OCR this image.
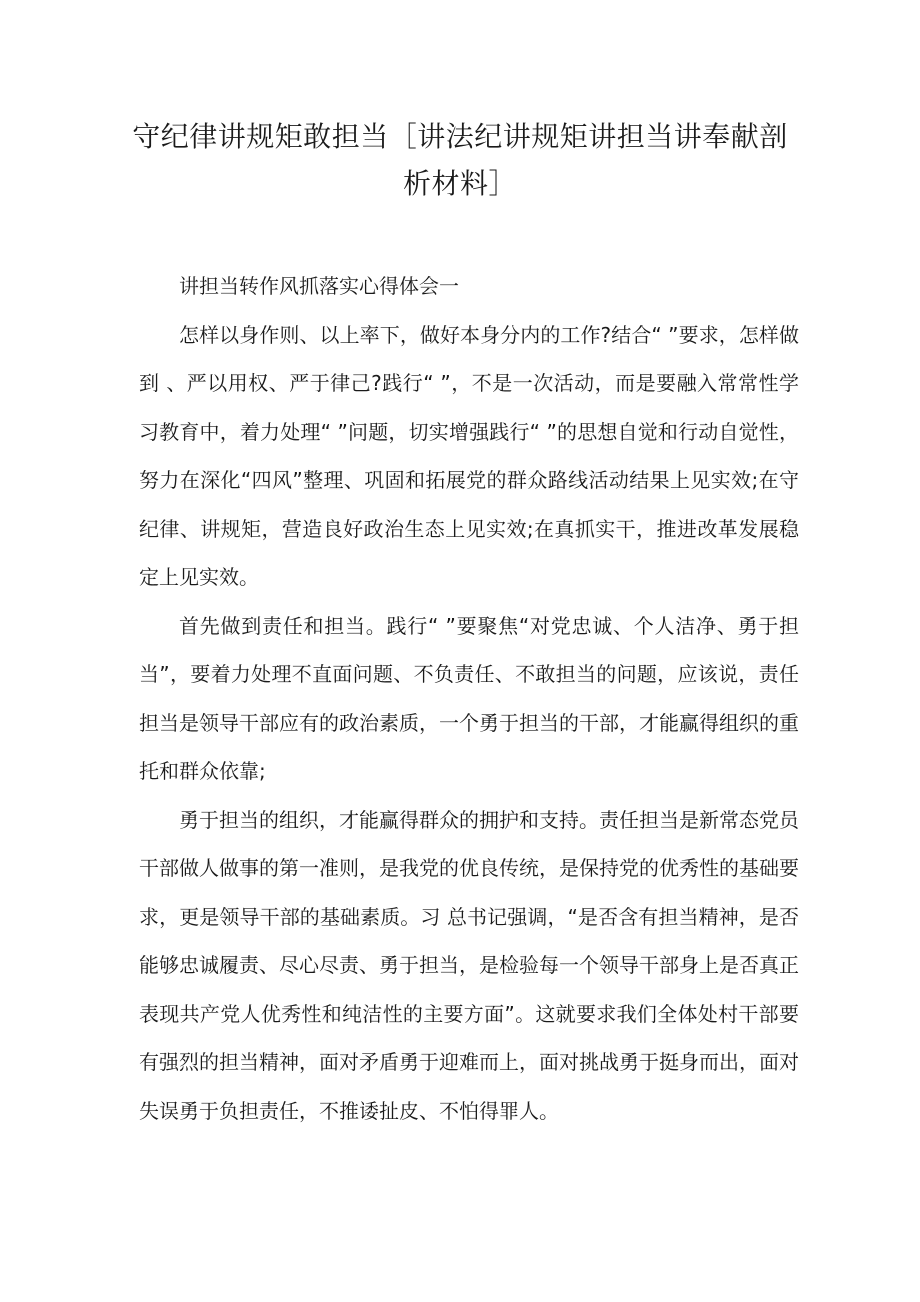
守纪律讲规矩敢担当［讲法纪讲规矩讲担当讲奉献剖析材料］

讲担当转作风抓落实心得体会一

怎样以身作则、以上率下，做好本身分内的工作?结合“ ”要求，怎样做到 、严以用权、严于律己?践行“ ”，不是一次活动，而是要融入常常性学习教育中，着力处理“ ”问题，切实增强践行“ ”的思想自觉和行动自觉性，努力在深化“四风”整理、巩固和拓展党的群众路线活动结果上见实效;在守纪律、讲规矩，营造良好政治生态上见实效;在真抓实干，推进改革发展稳定上见实效。

首先做到责任和担当。践行“ ”要聚焦“对党忠诚、个人洁净、勇于担当”，要着力处理不直面问题、不负责任、不敢担当的问题，应该说，责任担当是领导干部应有的政治素质，一个勇于担当的干部，才能赢得组织的重托和群众依靠;

勇于担当的组织，才能赢得群众的拥护和支持。责任担当是新常态党员干部做人做事的第一准则，是我党的优良传统，是保持党的优秀性的基础要求，更是领导干部的基础素质。习 总书记强调，“是否含有担当精神，是否能够忠诚履责、尽心尽责、勇于担当，是检验每一个领导干部身上是否真正表现共产党人优秀性和纯洁性的主要方面”。这就要求我们全体处村干部要有强烈的担当精神，面对矛盾勇于迎难而上，面对挑战勇于挺身而出，面对失误勇于负担责任，不推诿扯皮、不怕得罪人。
